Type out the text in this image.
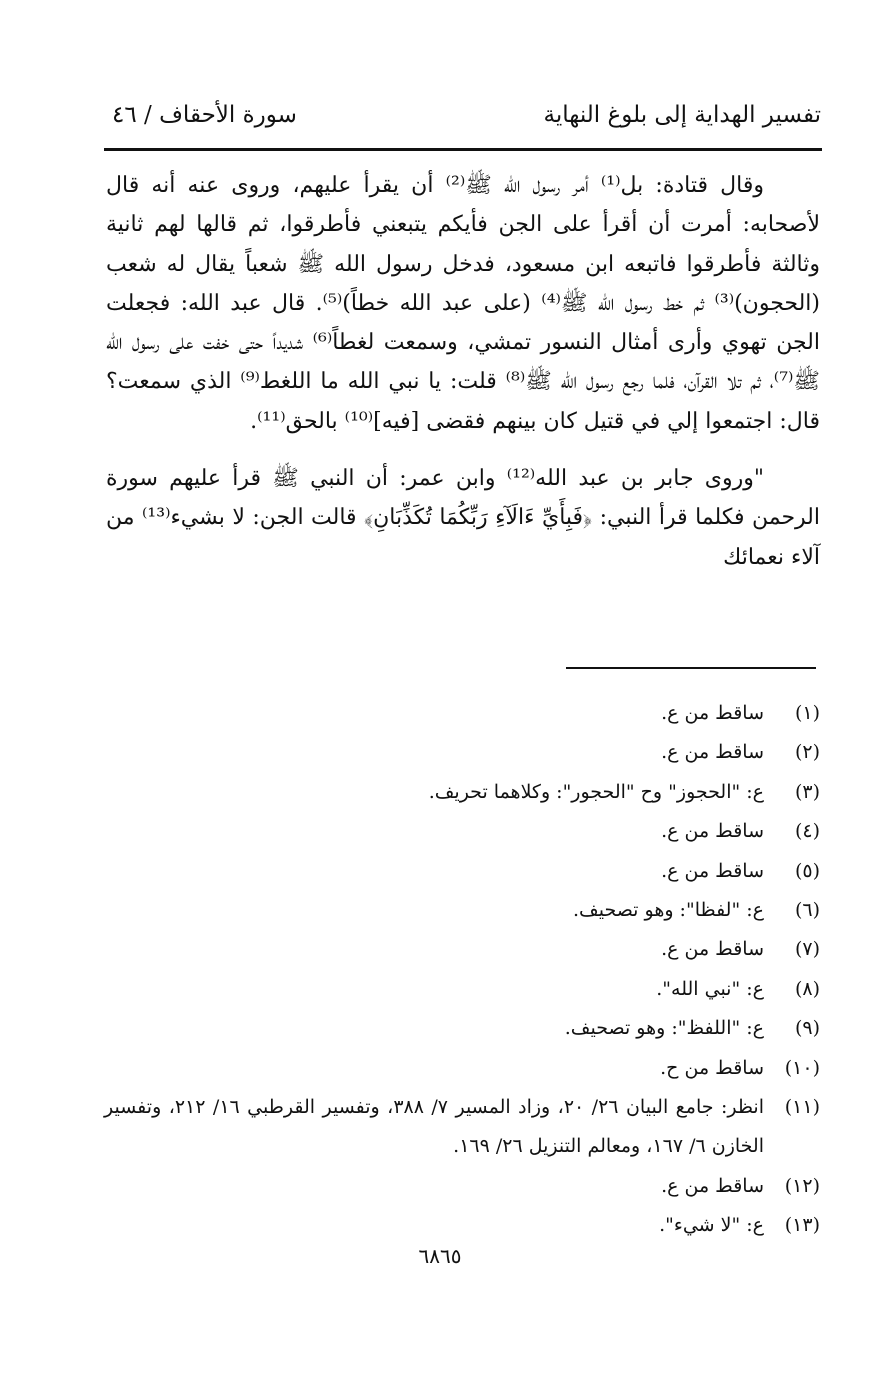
تفسير الهداية إلى بلوغ النهاية
سورة الأحقاف / ٤٦

وقال قتادة: بل⁽¹⁾ أمر رسول الله ﷺ⁽²⁾ أن يقرأ عليهم، وروى عنه أنه قال لأصحابه: أمرت أن أقرأ على الجن فأيكم يتبعني فأطرقوا، ثم قالها لهم ثانية وثالثة فأطرقوا فاتبعه ابن مسعود، فدخل رسول الله ﷺ شعباً يقال له شعب (الحجون)⁽³⁾ ثم خط رسول الله ﷺ⁽⁴⁾ (على عبد الله خطاً)⁽⁵⁾. قال عبد الله: فجعلت الجن تهوي وأرى أمثال النسور تمشي، وسمعت لغطاً⁽⁶⁾ شديداً حتى خفت على رسول الله ﷺ⁽⁷⁾، ثم تلا القرآن، فلما رجع رسول الله ﷺ⁽⁸⁾ قلت: يا نبي الله ما اللغط⁽⁹⁾ الذي سمعت؟ قال: اجتمعوا إلي في قتيل كان بينهم فقضى [فيه]⁽¹⁰⁾ بالحق⁽¹¹⁾.

"وروى جابر بن عبد الله⁽¹²⁾ وابن عمر: أن النبي ﷺ قرأ عليهم سورة الرحمن فكلما قرأ النبي: ﴿فَبِأَيِّ ءَالَآءِ رَبِّكُمَا تُكَذِّبَانِ﴾ قالت الجن: لا بشيء⁽¹³⁾ من آلاء نعمائك

(١)
ساقط من ع.
(٢)
ساقط من ع.
(٣)
ع: "الحجوز" وح "الحجور": وكلاهما تحريف.
(٤)
ساقط من ع.
(٥)
ساقط من ع.
(٦)
ع: "لفظا": وهو تصحيف.
(٧)
ساقط من ع.
(٨)
ع: "نبي الله".
(٩)
ع: "اللفظ": وهو تصحيف.
(١٠)
ساقط من ح.
(١١)
انظر: جامع البيان ٢٦/ ٢٠، وزاد المسير ٧/ ٣٨٨، وتفسير القرطبي ١٦/ ٢١٢، وتفسير الخازن ٦/ ١٦٧، ومعالم التنزيل ٢٦/ ١٦٩.
(١٢)
ساقط من ع.
(١٣)
ع: "لا شيء".
٦٨٦٥
